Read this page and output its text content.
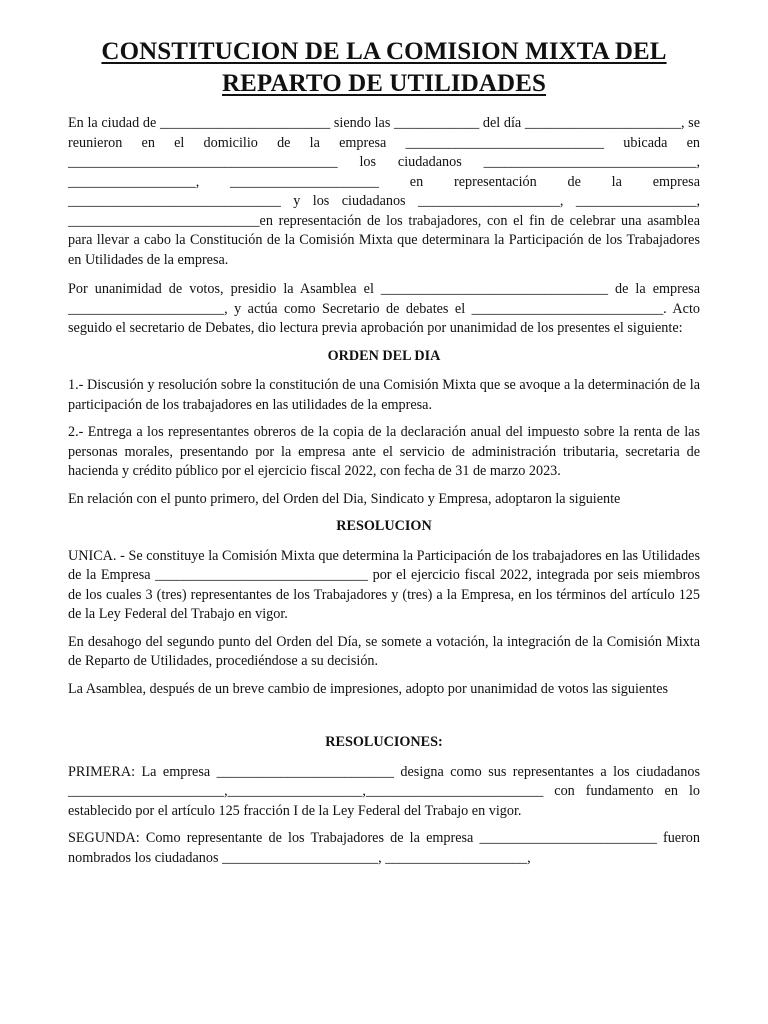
CONSTITUCION DE LA COMISION MIXTA DEL
REPARTO DE UTILIDADES

En la ciudad de ________________________ siendo las ____________ del día ______________________, se reunieron en el domicilio de la empresa ____________________________ ubicada en ______________________________________ los ciudadanos ______________________________, __________________, _____________________ en representación de la empresa ______________________________ y los ciudadanos ____________________, _________________, ___________________________en representación de los trabajadores, con el fin de celebrar una asamblea para llevar a cabo la Constitución de la Comisión Mixta que determinara la Participación de los Trabajadores en Utilidades de la empresa.

Por unanimidad de votos, presidio la Asamblea el ________________________________ de la empresa ______________________, y actúa como Secretario de debates el ___________________________. Acto seguido el secretario de Debates, dio lectura previa aprobación por unanimidad de los presentes el siguiente:

ORDEN DEL DIA

1.- Discusión y resolución sobre la constitución de una Comisión Mixta que se avoque a la determinación de la participación de los trabajadores en las utilidades de la empresa.

2.- Entrega a los representantes obreros de la copia de la declaración anual del impuesto sobre la renta de las personas morales, presentando por la empresa ante el servicio de administración tributaria, secretaria de hacienda y crédito público por el ejercicio fiscal 2022, con fecha de 31 de marzo 2023.

En relación con el punto primero, del Orden del Dia, Sindicato y Empresa, adoptaron la siguiente

RESOLUCION

UNICA. - Se constituye la Comisión Mixta que determina la Participación de los trabajadores en las Utilidades de la Empresa ______________________________ por el ejercicio fiscal 2022, integrada por seis miembros de los cuales 3 (tres) representantes de los Trabajadores y (tres) a la Empresa, en los términos del artículo 125 de la Ley Federal del Trabajo en vigor.

En desahogo del segundo punto del Orden del Día, se somete a votación, la integración de la Comisión Mixta de Reparto de Utilidades, procediéndose a su decisión.

La Asamblea, después de un breve cambio de impresiones, adopto por unanimidad de votos las siguientes

RESOLUCIONES:

PRIMERA: La empresa _________________________ designa como sus representantes a los ciudadanos ______________________,___________________,_________________________ con fundamento en lo establecido por el artículo 125 fracción I de la Ley Federal del Trabajo en vigor.

SEGUNDA: Como representante de los Trabajadores de la empresa _________________________ fueron nombrados los ciudadanos ______________________, ____________________,
